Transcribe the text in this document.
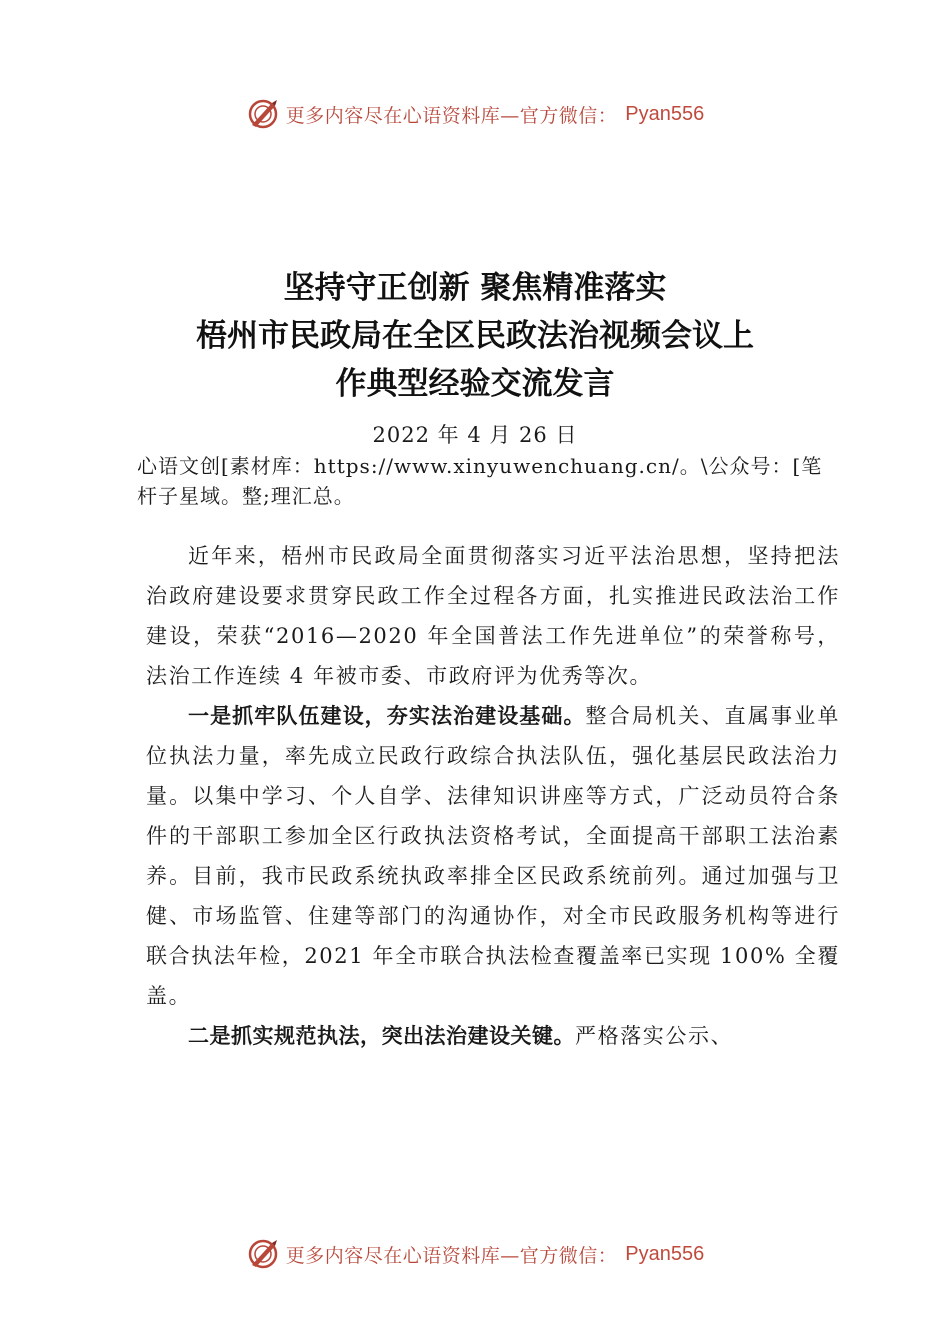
更多内容尽在心语资料库—官方微信： Pyan556
坚持守正创新 聚焦精准落实
梧州市民政局在全区民政法治视频会议上
作典型经验交流发言
2022 年 4 月 26 日
心语文创[素材库：https://www.xinyuwenchuang.cn/。\公众号：[笔杆子星域。整;理汇总。

近年来，梧州市民政局全面贯彻落实习近平法治思想，坚持把法治政府建设要求贯穿民政工作全过程各方面，扎实推进民政法治工作建设，荣获“2016—2020 年全国普法工作先进单位”的荣誉称号，法治工作连续 4 年被市委、市政府评为优秀等次。

一是抓牢队伍建设，夯实法治建设基础。整合局机关、直属事业单位执法力量，率先成立民政行政综合执法队伍，强化基层民政法治力量。以集中学习、个人自学、法律知识讲座等方式，广泛动员符合条件的干部职工参加全区行政执法资格考试，全面提高干部职工法治素养。目前，我市民政系统执政率排全区民政系统前列。通过加强与卫健、市场监管、住建等部门的沟通协作，对全市民政服务机构等进行联合执法年检，2021 年全市联合执法检查覆盖率已实现 100% 全覆盖。

二是抓实规范执法，突出法治建设关键。严格落实公示、

更多内容尽在心语资料库—官方微信： Pyan556
